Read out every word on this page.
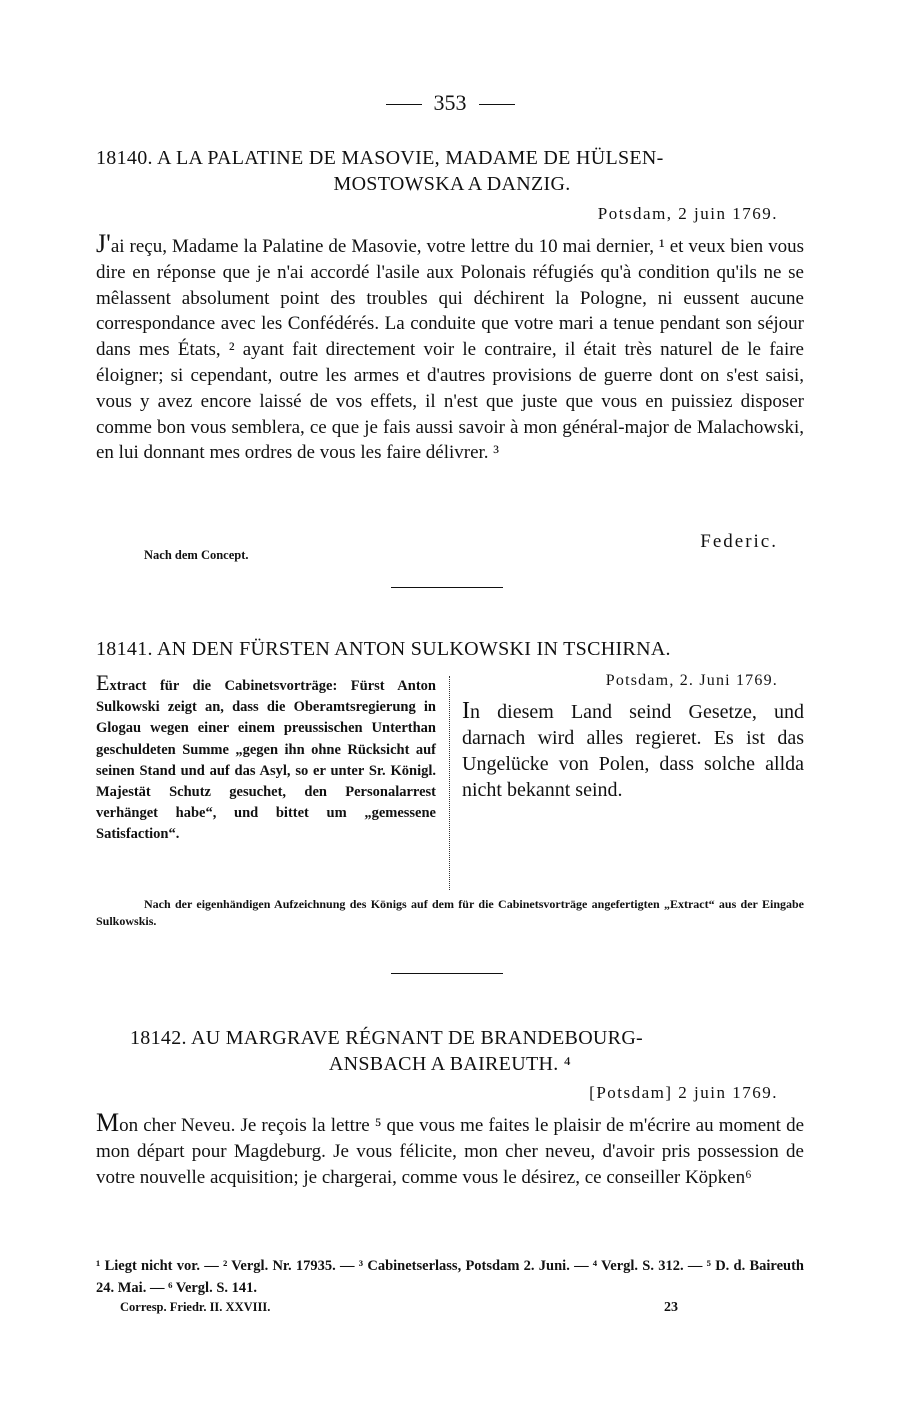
353
18140. A LA PALATINE DE MASOVIE, MADAME DE HÜLSEN-
MOSTOWSKA A DANZIG.
Potsdam, 2 juin 1769.
J'ai reçu, Madame la Palatine de Masovie, votre lettre du 10 mai dernier, ¹ et veux bien vous dire en réponse que je n'ai accordé l'asile aux Polonais réfugiés qu'à condition qu'ils ne se mêlassent absolument point des troubles qui déchirent la Pologne, ni eussent aucune correspondance avec les Confédérés. La conduite que votre mari a tenue pendant son séjour dans mes États, ² ayant fait directement voir le contraire, il était très naturel de le faire éloigner; si cependant, outre les armes et d'autres provisions de guerre dont on s'est saisi, vous y avez encore laissé de vos effets, il n'est que juste que vous en puissiez disposer comme bon vous semblera, ce que je fais aussi savoir à mon général-major de Malachowski, en lui donnant mes ordres de vous les faire délivrer. ³
Federic.
Nach dem Concept.
18141. AN DEN FÜRSTEN ANTON SULKOWSKI IN TSCHIRNA.
Extract für die Cabinetsvorträge: Fürst Anton Sulkowski zeigt an, dass die Oberamtsregierung in Glogau wegen einer einem preussischen Unterthan geschuldeten Summe „gegen ihn ohne Rücksicht auf seinen Stand und auf das Asyl, so er unter Sr. Königl. Majestät Schutz gesuchet, den Personalarrest verhänget habe“, und bittet um „gemessene Satisfaction“.
Potsdam, 2. Juni 1769.
In diesem Land seind Gesetze, und darnach wird alles regieret. Es ist das Ungelücke von Polen, dass solche allda nicht bekannt seind.
Nach der eigenhändigen Aufzeichnung des Königs auf dem für die Cabinetsvorträge angefertigten „Extract“ aus der Eingabe Sulkowskis.
18142. AU MARGRAVE RÉGNANT DE BRANDEBOURG-
ANSBACH A BAIREUTH. ⁴
[Potsdam] 2 juin 1769.
Mon cher Neveu. Je reçois la lettre ⁵ que vous me faites le plaisir de m'écrire au moment de mon départ pour Magdeburg. Je vous félicite, mon cher neveu, d'avoir pris possession de votre nouvelle acquisition; je chargerai, comme vous le désirez, ce conseiller Köpken⁶
¹ Liegt nicht vor. — ² Vergl. Nr. 17935. — ³ Cabinetserlass, Potsdam 2. Juni. — ⁴ Vergl. S. 312. — ⁵ D. d. Baireuth 24. Mai. — ⁶ Vergl. S. 141.
Corresp. Friedr. II. XXVIII.	23
